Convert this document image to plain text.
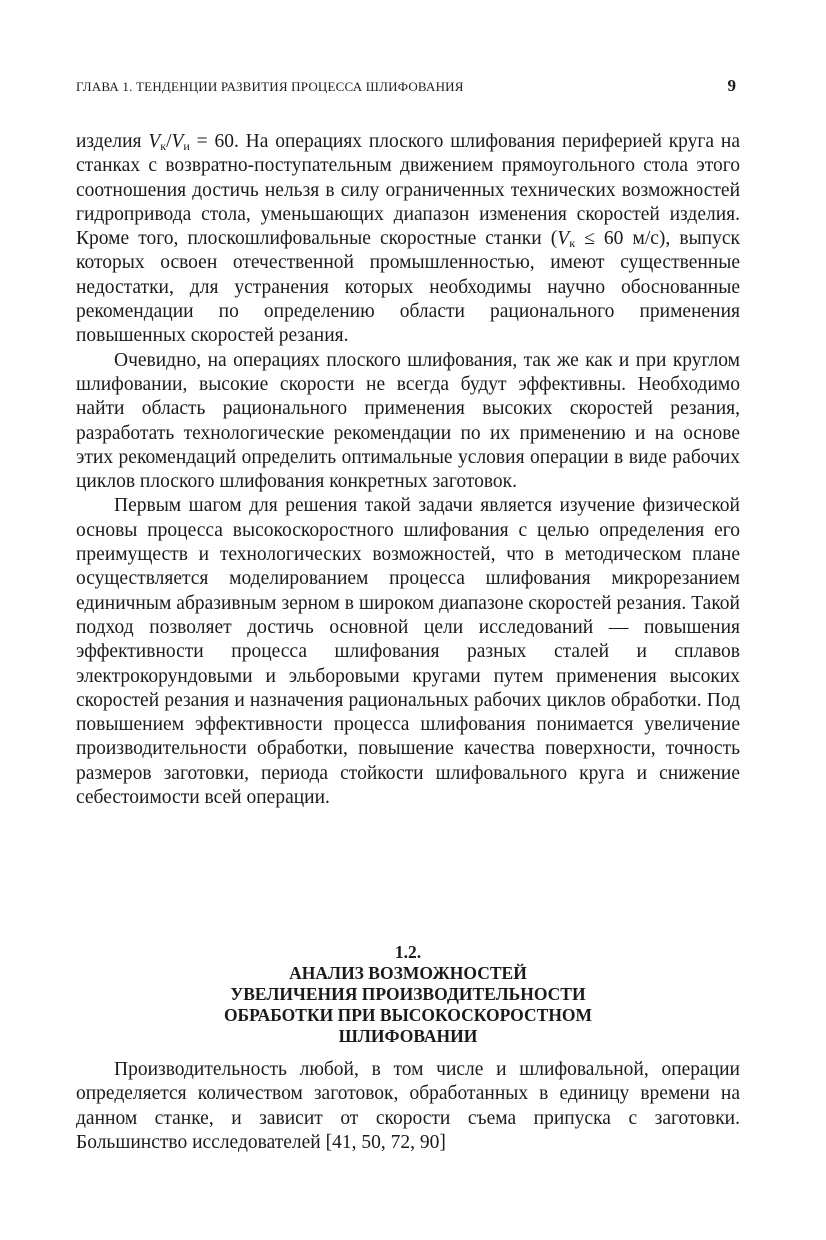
ГЛАВА 1. ТЕНДЕНЦИИ РАЗВИТИЯ ПРОЦЕССА ШЛИФОВАНИЯ	9

изделия $V_к/V_и = 60$. На операциях плоского шлифования периферией круга на станках с возвратно-поступательным движением прямоугольного стола этого соотношения достичь нельзя в силу ограниченных технических возможностей гидропривода стола, уменьшающих диапазон изменения скоростей изделия. Кроме того, плоскошлифовальные скоростные станки ($V_к \le 60$ м/с), выпуск которых освоен отечественной промышленностью, имеют существенные недостатки, для устранения которых необходимы научно обоснованные рекомендации по определению области рационального применения повышенных скоростей резания.

Очевидно, на операциях плоского шлифования, так же как и при круглом шлифовании, высокие скорости не всегда будут эффективны. Необходимо найти область рационального применения высоких скоростей резания, разработать технологические рекомендации по их применению и на основе этих рекомендаций определить оптимальные условия операции в виде рабочих циклов плоского шлифования конкретных заготовок.

Первым шагом для решения такой задачи является изучение физической основы процесса высокоскоростного шлифования с целью определения его преимуществ и технологических возможностей, что в методическом плане осуществляется моделированием процесса шлифования микрорезанием единичным абразивным зерном в широком диапазоне скоростей резания. Такой подход позволяет достичь основной цели исследований — повышения эффективности процесса шлифования разных сталей и сплавов электрокорундовыми и эльборовыми кругами путем применения высоких скоростей резания и назначения рациональных рабочих циклов обработки. Под повышением эффективности процесса шлифования понимается увеличение производительности обработки, повышение качества поверхности, точность размеров заготовки, периода стойкости шлифовального круга и снижение себестоимости всей операции.

1.2.
АНАЛИЗ ВОЗМОЖНОСТЕЙ
УВЕЛИЧЕНИЯ ПРОИЗВОДИТЕЛЬНОСТИ
ОБРАБОТКИ ПРИ ВЫСОКОСКОРОСТНОМ
ШЛИФОВАНИИ

Производительность любой, в том числе и шлифовальной, операции определяется количеством заготовок, обработанных в единицу времени на данном станке, и зависит от скорости съема припуска с заготовки. Большинство исследователей [41, 50, 72, 90]
